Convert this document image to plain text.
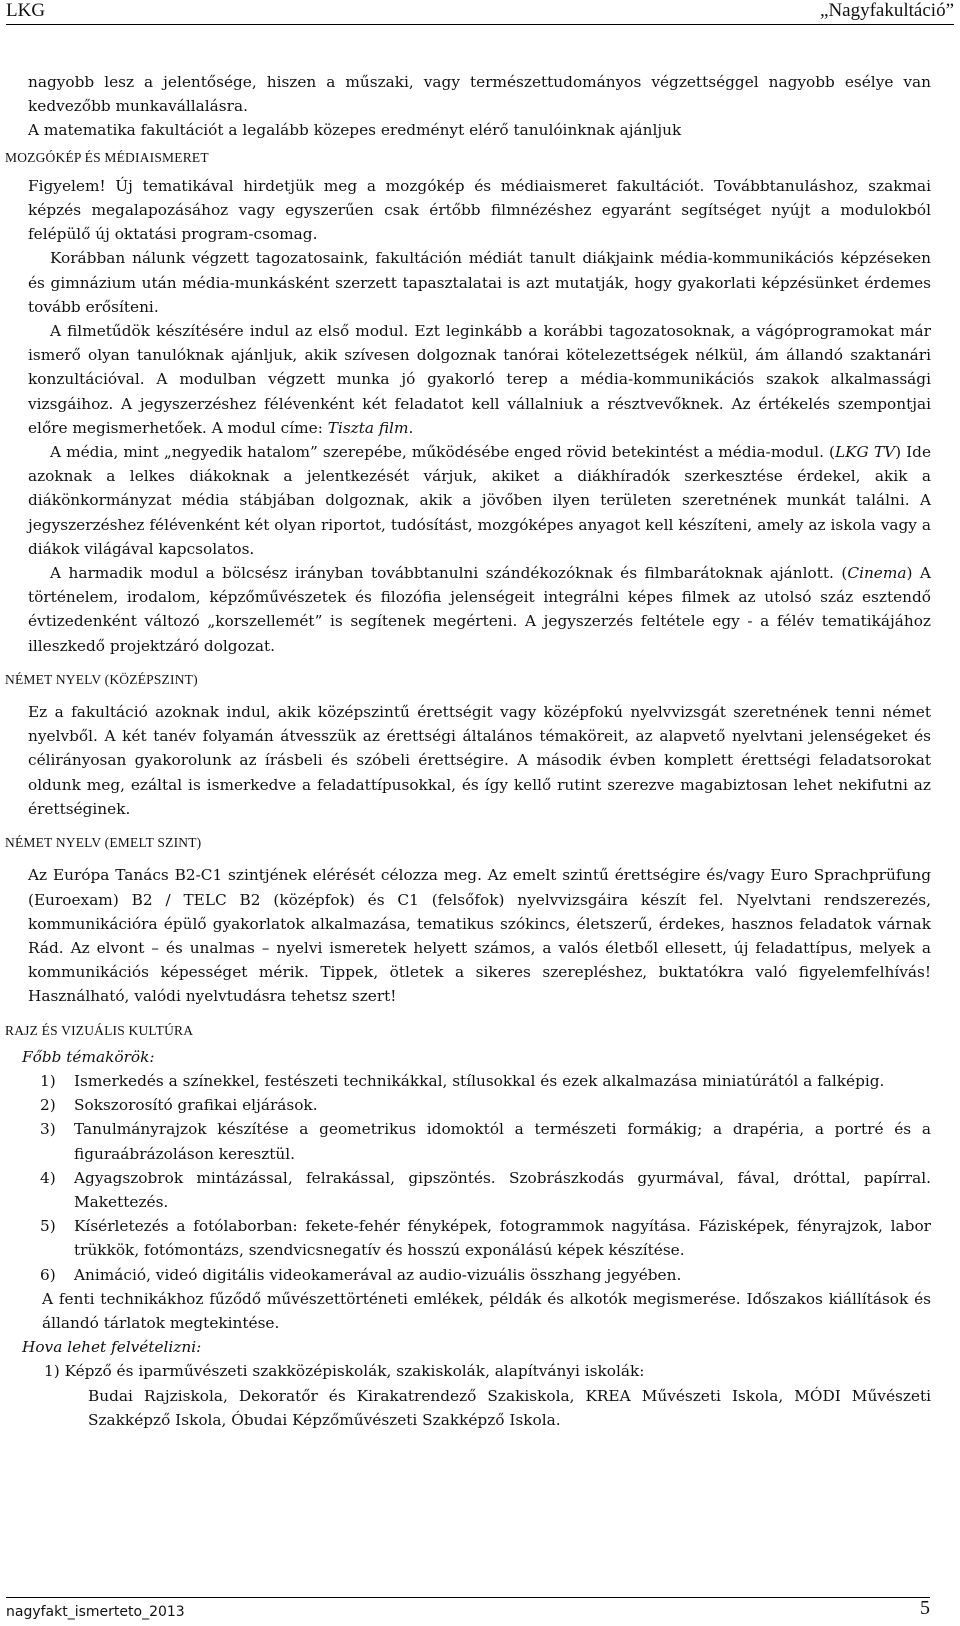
LKG	„Nagyfakultáció”

nagyobb lesz a jelentősége, hiszen a műszaki, vagy természettudományos végzettséggel nagyobb esélye van kedvezőbb munkavállalásra.

A matematika fakultációt a legalább közepes eredményt elérő tanulóinknak ajánljuk

MOZGÓKÉP ÉS MÉDIAISMERET

Figyelem! Új tematikával hirdetjük meg a mozgókép és médiaismeret fakultációt. Továbbtanuláshoz, szakmai képzés megalapozásához vagy egyszerűen csak értőbb filmnézéshez egyaránt segítséget nyújt a modulokból felépülő új oktatási program-csomag.

Korábban nálunk végzett tagozatosaink, fakultáción médiát tanult diákjaink média-kommunikációs képzéseken és gimnázium után média-munkásként szerzett tapasztalatai is azt mutatják, hogy gyakorlati képzésünket érdemes tovább erősíteni.

A filmetűdök készítésére indul az első modul. Ezt leginkább a korábbi tagozatosoknak, a vágóprogramokat már ismerő olyan tanulóknak ajánljuk, akik szívesen dolgoznak tanórai kötelezettségek nélkül, ám állandó szaktanári konzultációval. A modulban végzett munka jó gyakorló terep a média-kommunikációs szakok alkalmassági vizsgáihoz. A jegyszerzéshez félévenként két feladatot kell vállalniuk a résztvevőknek. Az értékelés szempontjai előre megismerhetőek. A modul címe: Tiszta film.

A média, mint „negyedik hatalom” szerepébe, működésébe enged rövid betekintést a média-modul. (LKG TV) Ide azoknak a lelkes diákoknak a jelentkezését várjuk, akiket a diákhíradók szerkesztése érdekel, akik a diákönkormányzat média stábjában dolgoznak, akik a jövőben ilyen területen szeretnének munkát találni. A jegyszerzéshez félévenként két olyan riportot, tudósítást, mozgóképes anyagot kell készíteni, amely az iskola vagy a diákok világával kapcsolatos.

A harmadik modul a bölcsész irányban továbbtanulni szándékozóknak és filmbarátoknak ajánlott. (Cinema) A történelem, irodalom, képzőművészetek és filozófia jelenségeit integrálni képes filmek az utolsó száz esztendő évtizedenként változó „korszellemét” is segítenek megérteni. A jegyszerzés feltétele egy - a félév tematikájához illeszkedő projektzáró dolgozat.

NÉMET NYELV (KÖZÉPSZINT)

Ez a fakultáció azoknak indul, akik középszintű érettségit vagy középfokú nyelvvizsgát szeretnének tenni német nyelvből. A két tanév folyamán átvesszük az érettségi általános témaköreit, az alapvető nyelvtani jelenségeket és célirányosan gyakorolunk az írásbeli és szóbeli érettségire. A második évben komplett érettségi feladatsorokat oldunk meg, ezáltal is ismerkedve a feladattípusokkal, és így kellő rutint szerezve magabiztosan lehet nekifutni az érettséginek.

NÉMET NYELV (EMELT SZINT)

Az Európa Tanács B2-C1 szintjének elérését célozza meg. Az emelt szintű érettségire és/vagy Euro Sprachprüfung (Euroexam) B2 / TELC B2 (középfok) és C1 (felsőfok) nyelvvizsgáira készít fel. Nyelvtani rendszerezés, kommunikációra épülő gyakorlatok alkalmazása, tematikus szókincs, életszerű, érdekes, hasznos feladatok várnak Rád. Az elvont – és unalmas – nyelvi ismeretek helyett számos, a valós életből ellesett, új feladattípus, melyek a kommunikációs képességet mérik. Tippek, ötletek a sikeres szerepléshez, buktatókra való figyelemfelhívás! Használható, valódi nyelvtudásra tehetsz szert!

RAJZ ÉS VIZUÁLIS KULTÚRA
Főbb témakörök:
1) Ismerkedés a színekkel, festészeti technikákkal, stílusokkal és ezek alkalmazása miniatúrától a falképig.
2) Sokszorosító grafikai eljárások.
3) Tanulmányrajzok készítése a geometrikus idomoktól a természeti formákig; a drapéria, a portré és a figuraábrázoláson keresztül.
4) Agyagszobrok mintázással, felrakással, gipszöntés. Szobrászkodás gyurmával, fával, dróttal, papírral. Makettezés.
5) Kísérletezés a fotólaborban: fekete-fehér fényképek, fotogrammok nagyítása. Fázisképek, fényrajzok, labor trükkök, fotómontázs, szendvicsnegatív és hosszú exponálású képek készítése.
6) Animáció, videó digitális videokamerával az audio-vizuális összhang jegyében.

A fenti technikákhoz fűződő művészettörténeti emlékek, példák és alkotók megismerése. Időszakos kiállítások és állandó tárlatok megtekintése.

Hova lehet felvételizni:
1) Képző és iparművészeti szakközépiskolák, szakiskolák, alapítványi iskolák:

Budai Rajziskola, Dekoratőr és Kirakatrendező Szakiskola, KREA Művészeti Iskola, MÓDI Művészeti Szakképző Iskola, Óbudai Képzőművészeti Szakképző Iskola.

nagyfakt_ismerteto_2013	5
